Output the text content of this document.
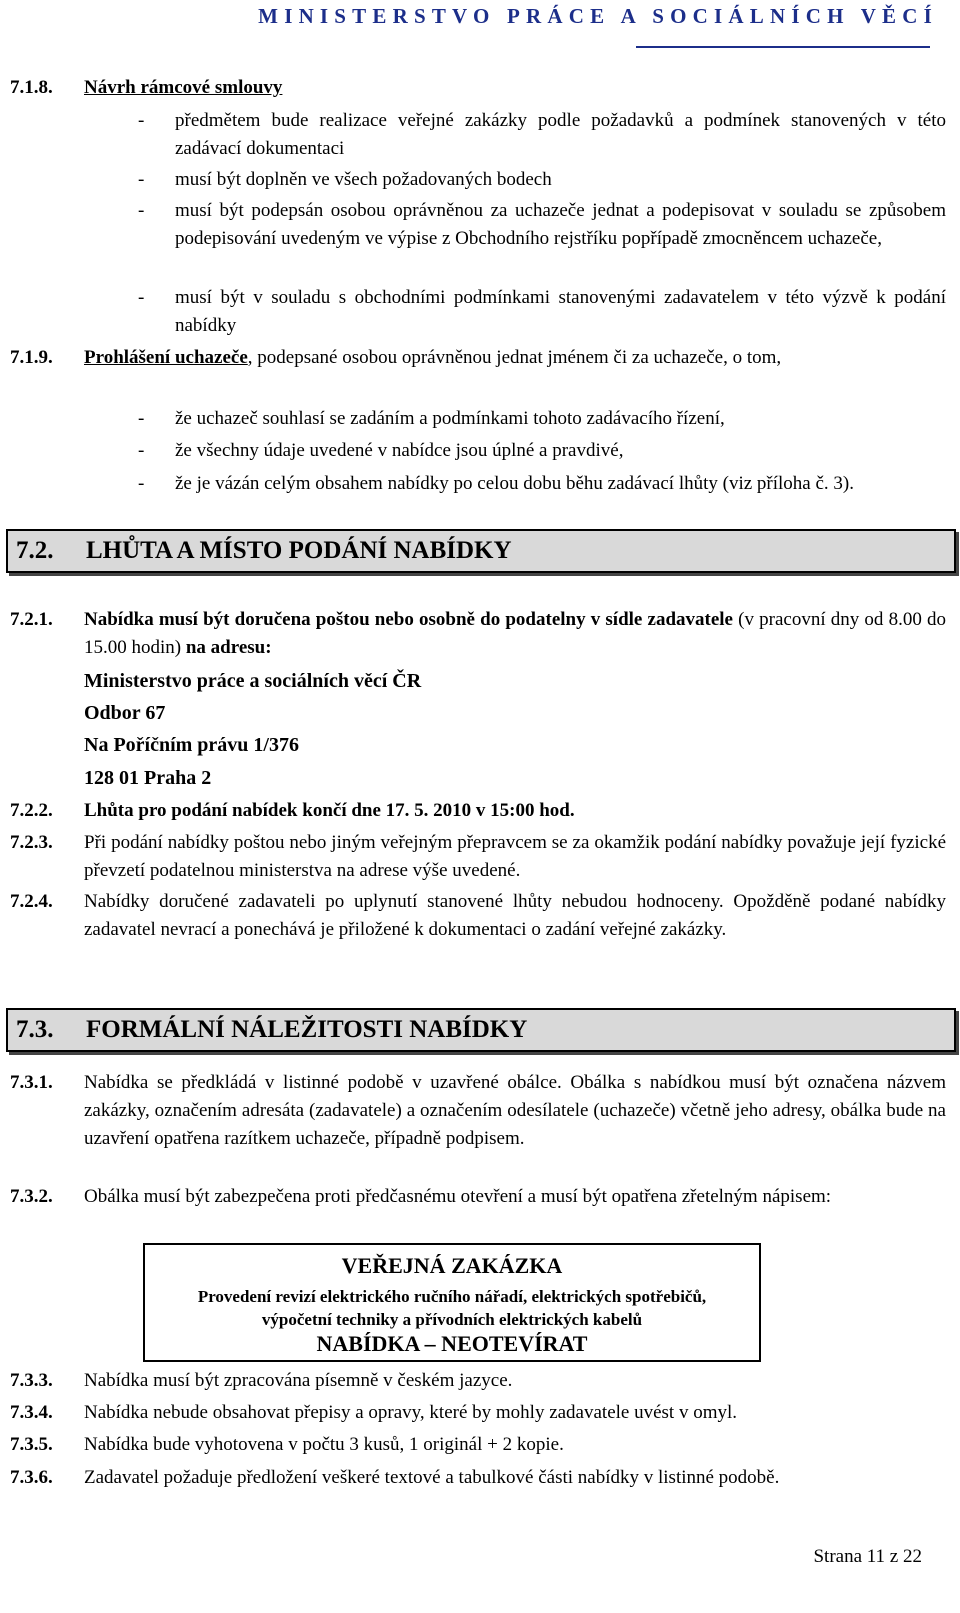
MINISTERSTVO PRÁCE A SOCIÁLNÍCH VĚCÍ
7.1.8. Návrh rámcové smlouvy
- předmětem bude realizace veřejné zakázky podle požadavků a podmínek stanovených v této zadávací dokumentaci
- musí být doplněn ve všech požadovaných bodech
- musí být podepsán osobou oprávněnou za uchazeče jednat a podepisovat v souladu se způsobem podepisování uvedeným ve výpise z Obchodního rejstříku popřípadě zmocněncem uchazeče,
- musí být v souladu s obchodními podmínkami stanovenými zadavatelem v této výzvě k podání nabídky
7.1.9. Prohlášení uchazeče, podepsané osobou oprávněnou jednat jménem či za uchazeče, o tom,
- že uchazeč souhlasí se zadáním a podmínkami tohoto zadávacího řízení,
- že všechny údaje uvedené v nabídce jsou úplné a pravdivé,
- že je vázán celým obsahem nabídky po celou dobu běhu zadávací lhůty (viz příloha č. 3).
7.2. LHŮTA A MÍSTO PODÁNÍ NABÍDKY
7.2.1. Nabídka musí být doručena poštou nebo osobně do podatelny v sídle zadavatele (v pracovní dny od 8.00 do 15.00 hodin) na adresu:
Ministerstvo práce a sociálních věcí ČR
Odbor 67
Na Poříčním právu 1/376
128 01 Praha 2
7.2.2. Lhůta pro podání nabídek končí dne 17. 5. 2010 v 15:00 hod.
7.2.3. Při podání nabídky poštou nebo jiným veřejným přepravcem se za okamžik podání nabídky považuje její fyzické převzetí podatelnou ministerstva na adrese výše uvedené.
7.2.4. Nabídky doručené zadavateli po uplynutí stanovené lhůty nebudou hodnoceny. Opožděně podané nabídky zadavatel nevrací a ponechává je přiložené k dokumentaci o zadání veřejné zakázky.
7.3. FORMÁLNÍ NÁLEŽITOSTI NABÍDKY
7.3.1. Nabídka se předkládá v listinné podobě v uzavřené obálce. Obálka s nabídkou musí být označena názvem zakázky, označením adresáta (zadavatele) a označením odesílatele (uchazeče) včetně jeho adresy, obálka bude na uzavření opatřena razítkem uchazeče, případně podpisem.
7.3.2. Obálka musí být zabezpečena proti předčasnému otevření a musí být opatřena zřetelným nápisem:
VEŘEJNÁ ZAKÁZKA
Provedení revizí elektrického ručního nářadí, elektrických spotřebičů,
výpočetní techniky a přívodních elektrických kabelů
NABÍDKA – NEOTEVÍRAT
7.3.3. Nabídka musí být zpracována písemně v českém jazyce.
7.3.4. Nabídka nebude obsahovat přepisy a opravy, které by mohly zadavatele uvést v omyl.
7.3.5. Nabídka bude vyhotovena v počtu 3 kusů, 1 originál + 2 kopie.
7.3.6. Zadavatel požaduje předložení veškeré textové a tabulkové části nabídky v listinné podobě.
Strana 11 z 22
